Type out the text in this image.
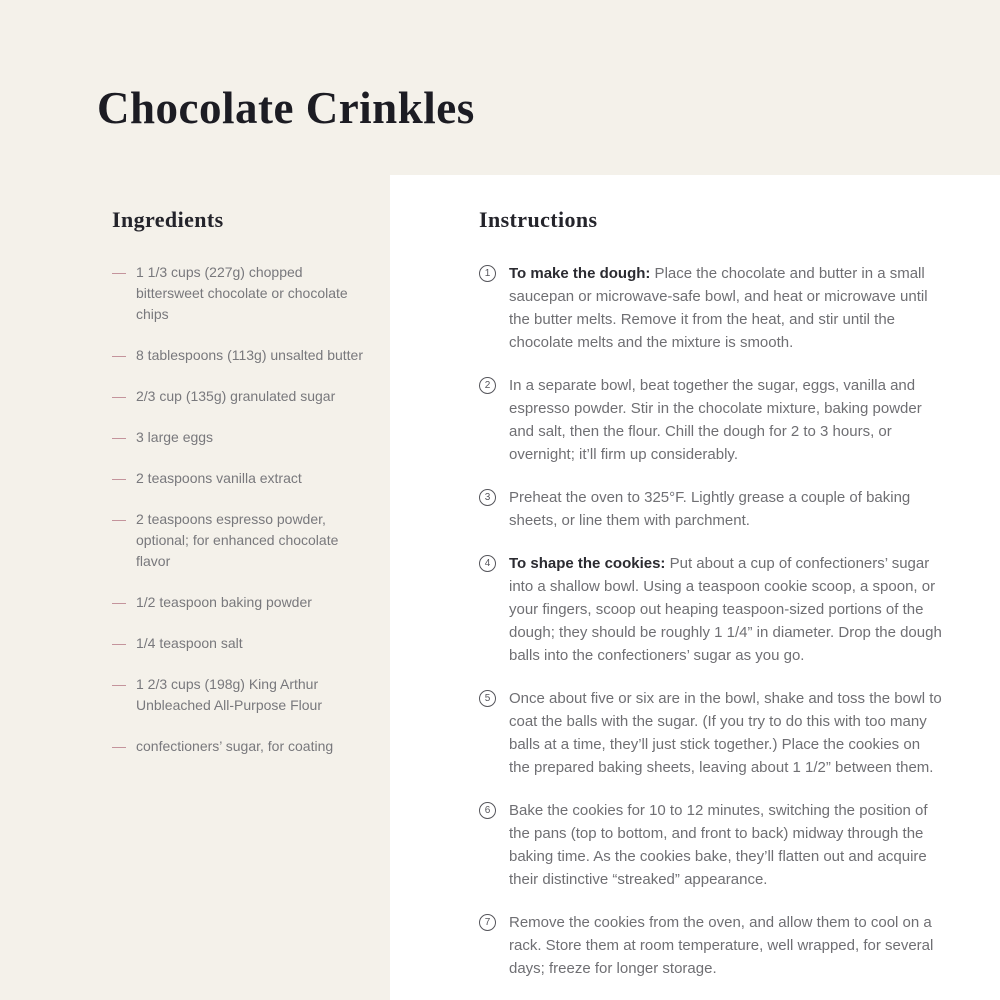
Chocolate Crinkles
Ingredients
— 1 1/3 cups (227g) chopped bittersweet chocolate or chocolate chips
— 8 tablespoons (113g) unsalted butter
— 2/3 cup (135g) granulated sugar
— 3 large eggs
— 2 teaspoons vanilla extract
— 2 teaspoons espresso powder, optional; for enhanced chocolate flavor
— 1/2 teaspoon baking powder
— 1/4 teaspoon salt
— 1 2/3 cups (198g) King Arthur Unbleached All-Purpose Flour
— confectioners’ sugar, for coating
Instructions
1	To make the dough: Place the chocolate and butter in a small saucepan or microwave-safe bowl, and heat or microwave until the butter melts. Remove it from the heat, and stir until the chocolate melts and the mixture is smooth.

2	In a separate bowl, beat together the sugar, eggs, vanilla and espresso powder. Stir in the chocolate mixture, baking powder and salt, then the flour. Chill the dough for 2 to 3 hours, or overnight; it’ll firm up considerably.

3	Preheat the oven to 325°F. Lightly grease a couple of baking sheets, or line them with parchment.

4	To shape the cookies: Put about a cup of confectioners’ sugar into a shallow bowl. Using a teaspoon cookie scoop, a spoon, or your fingers, scoop out heaping teaspoon-sized portions of the dough; they should be roughly 1 1/4” in diameter. Drop the dough balls into the confectioners’ sugar as you go.

5	Once about five or six are in the bowl, shake and toss the bowl to coat the balls with the sugar. (If you try to do this with too many balls at a time, they’ll just stick together.) Place the cookies on the prepared baking sheets, leaving about 1 1/2” between them.

6	Bake the cookies for 10 to 12 minutes, switching the position of the pans (top to bottom, and front to back) midway through the baking time. As the cookies bake, they’ll flatten out and acquire their distinctive “streaked” appearance.

7	Remove the cookies from the oven, and allow them to cool on a rack. Store them at room temperature, well wrapped, for several days; freeze for longer storage.
